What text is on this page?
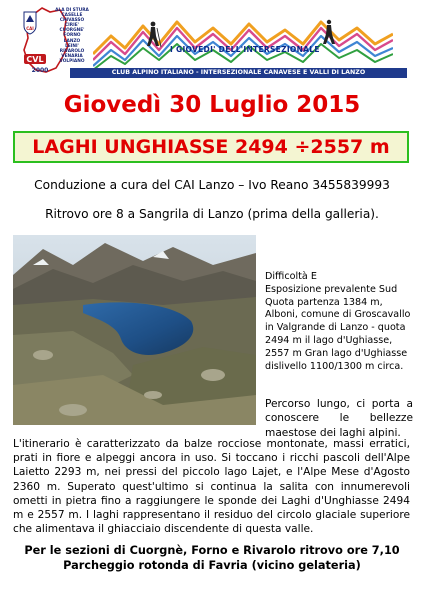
CAI
CVL
2000
ALA DI STURA
CASELLE
CHIVASSO
CIRIE'
CUORGNE'
FORNO
LANZO
LEINI'
RIVAROLO
VENARIA
VOLPIANO
I GIOVEDI' DELL'INTERSEZIONALE
CLUB ALPINO ITALIANO - INTERSEZIONALE CANAVESE E VALLI DI LANZO
Giovedì 30 Luglio 2015
LAGHI UNGHIASSE 2494 ÷2557 m
Conduzione a cura del CAI Lanzo – Ivo Reano 3455839993
Ritrovo ore 8 a Sangrila di Lanzo (prima della galleria).
Difficoltà E
Esposizione prevalente Sud
Quota partenza 1384 m,
Alboni, comune di Groscavallo in Valgrande di Lanzo - quota 2494 m il lago d'Ughiasse,
2557 m Gran lago d'Ughiasse dislivello 1100/1300 m circa.
Percorso lungo, ci porta a conoscere le bellezze maestose dei laghi alpini.
L'itinerario è caratterizzato da balze rocciose montonate, massi erratici, prati in fiore e alpeggi ancora in uso. Si toccano i ricchi pascoli dell'Alpe Laietto 2293 m, nei pressi del piccolo lago Lajet, e l'Alpe Mese d'Agosto 2360 m. Superato quest'ultimo si continua la salita con innumerevoli ometti in pietra fino a raggiungere le sponde dei Laghi d'Unghiasse 2494 m e 2557 m. I laghi rappresentano il residuo del circolo glaciale superiore che alimentava il ghiacciaio discendente di questa valle.
Per le sezioni di Cuorgnè, Forno e Rivarolo ritrovo ore 7,10
Parcheggio rotonda di Favria (vicino gelateria)
